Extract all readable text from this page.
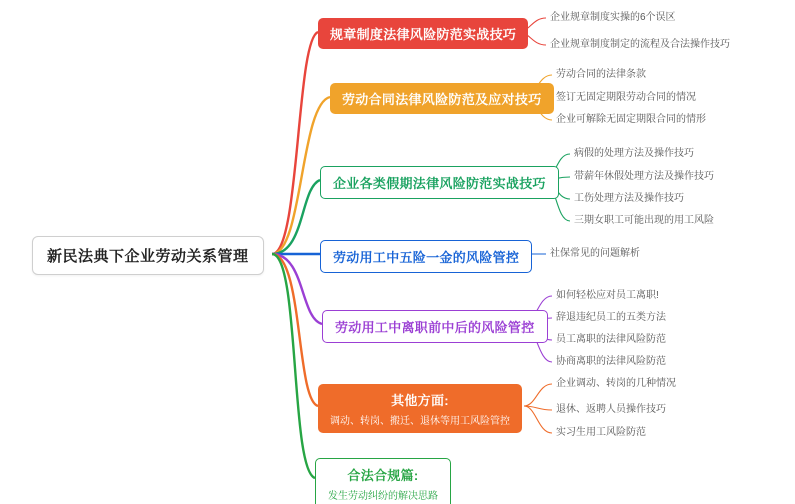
新民法典下企业劳动关系管理
规章制度法律风险防范实战技巧
企业规章制度实操的6个误区
企业规章制度制定的流程及合法操作技巧
劳动合同法律风险防范及应对技巧
劳动合同的法律条款
签订无固定期限劳动合同的情况
企业可解除无固定期限合同的情形
企业各类假期法律风险防范实战技巧
病假的处理方法及操作技巧
带薪年休假处理方法及操作技巧
工伤处理方法及操作技巧
三期女职工可能出现的用工风险
劳动用工中五险一金的风险管控	社保常见的问题解析
劳动用工中离职前中后的风险管控
如何轻松应对员工离职!
辞退违纪员工的五类方法
员工离职的法律风险防范
协商离职的法律风险防范
其他方面:
调动、转岗、搬迁、退休等用工风险管控
企业调动、转岗的几种情况
退休、返聘人员操作技巧
实习生用工风险防范
合法合规篇:
发生劳动纠纷的解决思路
